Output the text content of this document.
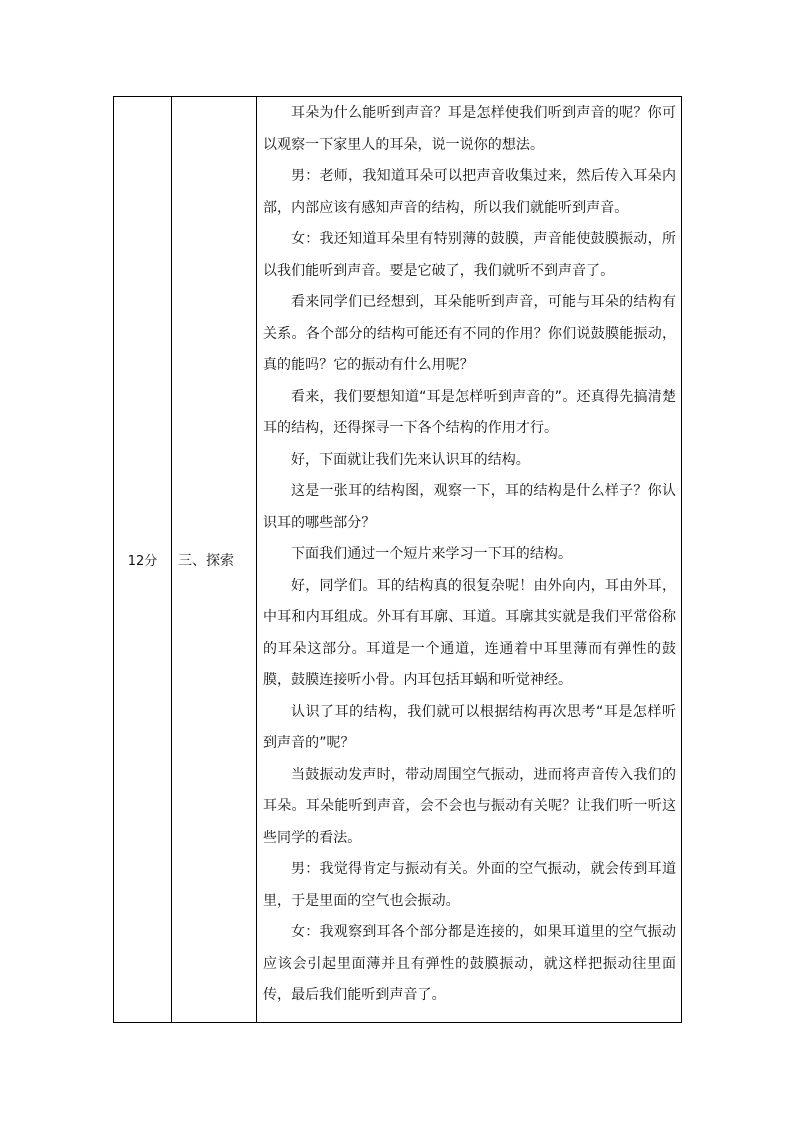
12分	三、探索	

耳朵为什么能听到声音？耳是怎样使我们听到声音的呢？你可以观察一下家里人的耳朵，说一说你的想法。

男：老师，我知道耳朵可以把声音收集过来，然后传入耳朵内部，内部应该有感知声音的结构，所以我们就能听到声音。

女：我还知道耳朵里有特别薄的鼓膜，声音能使鼓膜振动，所以我们能听到声音。要是它破了，我们就听不到声音了。

看来同学们已经想到，耳朵能听到声音，可能与耳朵的结构有关系。各个部分的结构可能还有不同的作用？你们说鼓膜能振动，真的能吗？它的振动有什么用呢？

看来，我们要想知道“耳是怎样听到声音的”。还真得先搞清楚耳的结构，还得探寻一下各个结构的作用才行。

好，下面就让我们先来认识耳的结构。

这是一张耳的结构图，观察一下，耳的结构是什么样子？你认识耳的哪些部分？

下面我们通过一个短片来学习一下耳的结构。

好，同学们。耳的结构真的很复杂呢！由外向内，耳由外耳，中耳和内耳组成。外耳有耳廓、耳道。耳廓其实就是我们平常俗称的耳朵这部分。耳道是一个通道，连通着中耳里薄而有弹性的鼓膜，鼓膜连接听小骨。内耳包括耳蜗和听觉神经。

认识了耳的结构，我们就可以根据结构再次思考“耳是怎样听到声音的”呢？

当鼓振动发声时，带动周围空气振动，进而将声音传入我们的耳朵。耳朵能听到声音，会不会也与振动有关呢？让我们听一听这些同学的看法。

男：我觉得肯定与振动有关。外面的空气振动，就会传到耳道里，于是里面的空气也会振动。

女：我观察到耳各个部分都是连接的，如果耳道里的空气振动应该会引起里面薄并且有弹性的鼓膜振动，就这样把振动往里面传，最后我们能听到声音了。
